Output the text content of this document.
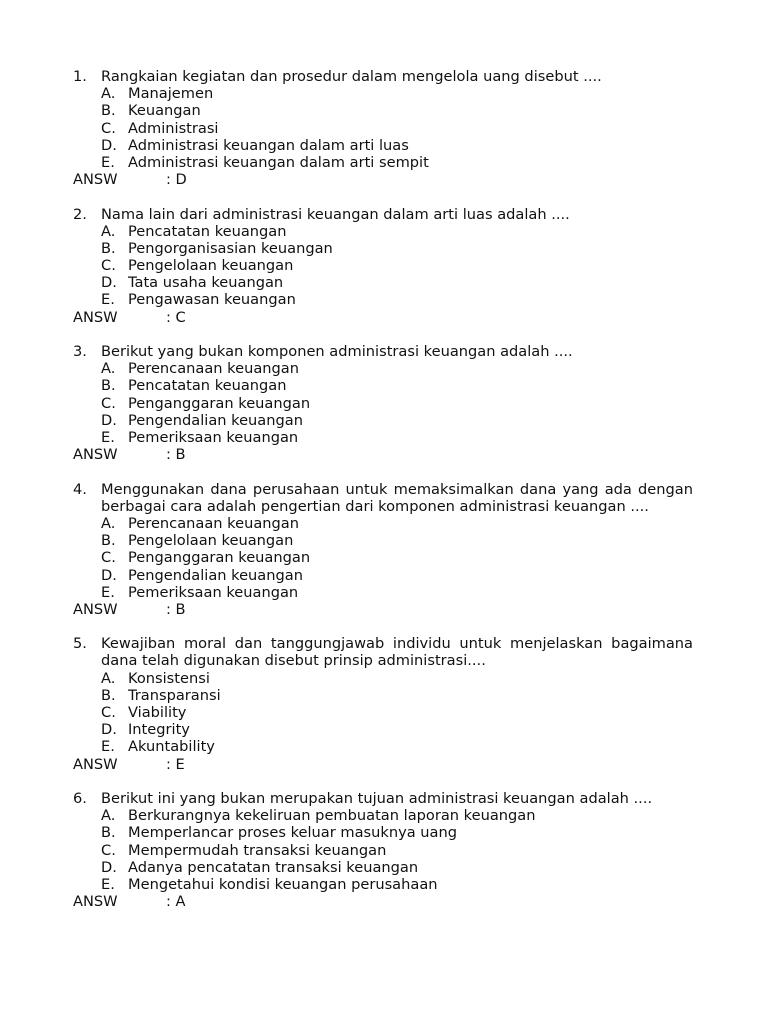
1. Rangkaian kegiatan dan prosedur dalam mengelola uang disebut ....
A. Manajemen
B. Keuangan
C. Administrasi
D. Administrasi keuangan dalam arti luas
E. Administrasi keuangan dalam arti sempit
ANSW	: D
2. Nama lain dari administrasi keuangan dalam arti luas adalah ....
A. Pencatatan keuangan
B. Pengorganisasian keuangan
C. Pengelolaan keuangan
D. Tata usaha keuangan
E. Pengawasan keuangan
ANSW	: C
3. Berikut yang bukan komponen administrasi keuangan adalah ....
A. Perencanaan keuangan
B. Pencatatan keuangan
C. Penganggaran keuangan
D. Pengendalian keuangan
E. Pemeriksaan keuangan
ANSW	: B
4. Menggunakan dana perusahaan untuk memaksimalkan dana yang ada dengan berbagai cara adalah pengertian dari komponen administrasi keuangan ....
A. Perencanaan keuangan
B. Pengelolaan keuangan
C. Penganggaran keuangan
D. Pengendalian keuangan
E. Pemeriksaan keuangan
ANSW	: B
5. Kewajiban moral dan tanggungjawab individu untuk menjelaskan bagaimana dana telah digunakan disebut prinsip administrasi....
A. Konsistensi
B. Transparansi
C. Viability
D. Integrity
E. Akuntability
ANSW	: E
6. Berikut ini yang bukan merupakan tujuan administrasi keuangan adalah ....
A. Berkurangnya kekeliruan pembuatan laporan keuangan
B. Memperlancar proses keluar masuknya uang
C. Mempermudah transaksi keuangan
D. Adanya pencatatan transaksi keuangan
E. Mengetahui kondisi keuangan perusahaan
ANSW	: A
